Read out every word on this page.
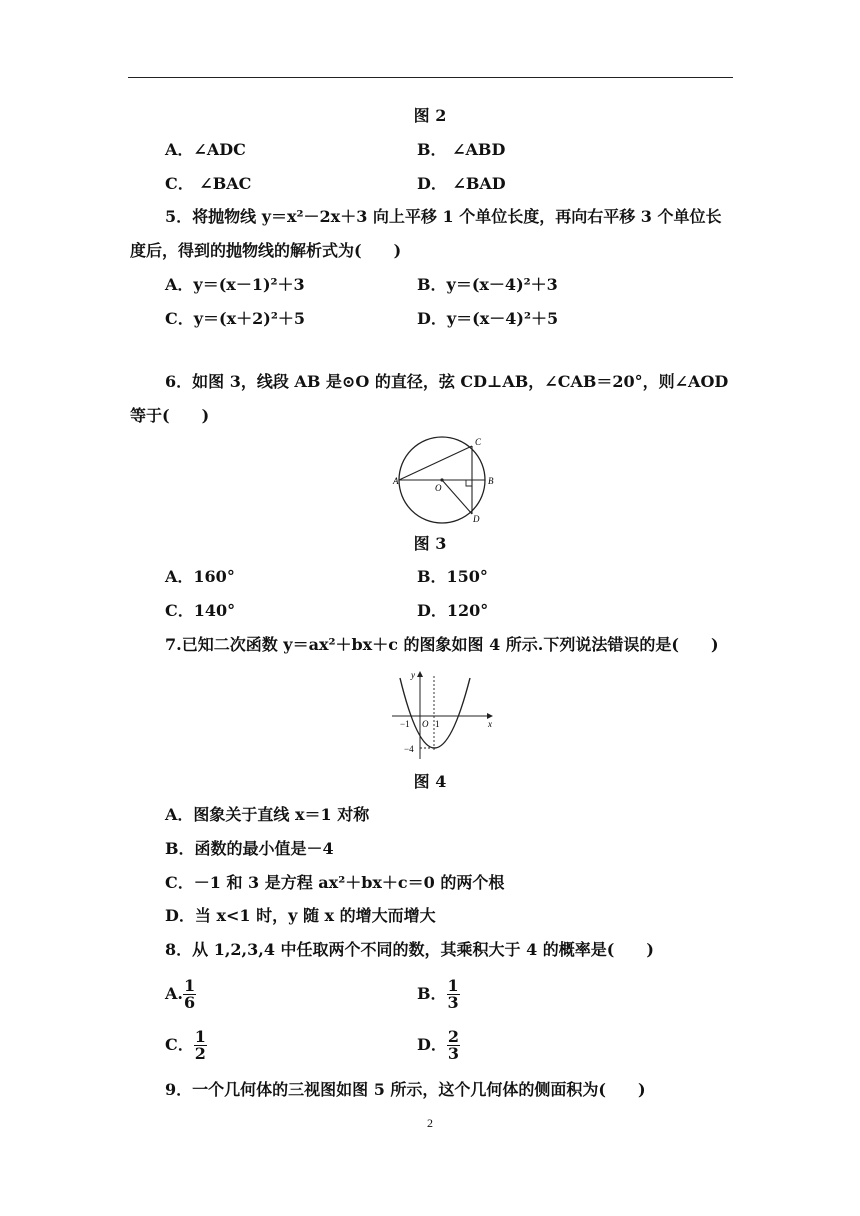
图 2
A．∠ADC	B． ∠ABD
C． ∠BAC	D． ∠BAD
5．将抛物线 y＝x²－2x＋3 向上平移 1 个单位长度，再向右平移 3 个单位长
度后，得到的抛物线的解析式为(　　)
A．y＝(x－1)²＋3	B．y＝(x－4)²＋3
C．y＝(x＋2)²＋5	D．y＝(x－4)²＋5
6．如图 3，线段 AB 是⊙O 的直径，弦 CD⊥AB，∠CAB＝20°，则∠AOD
等于(　　)
A	B
C
D
O
图 3
A．160°	B．150°
C．140°	D．120°
7.已知二次函数 y＝ax²＋bx＋c 的图象如图 4 所示.下列说法错误的是(　　)
y
x
−1 O 1
−4
图 4
A．图象关于直线 x＝1 对称
B．函数的最小值是－4
C．－1 和 3 是方程 ax²＋bx＋c＝0 的两个根
D．当 x<1 时，y 随 x 的增大而增大
8．从 1,2,3,4 中任取两个不同的数，其乘积大于 4 的概率是(　　)
A. $\frac{1}{6}$	B． $\frac{1}{3}$
C． $\frac{1}{2}$	D． $\frac{2}{3}$
9．一个几何体的三视图如图 5 所示，这个几何体的侧面积为(　　)
2
